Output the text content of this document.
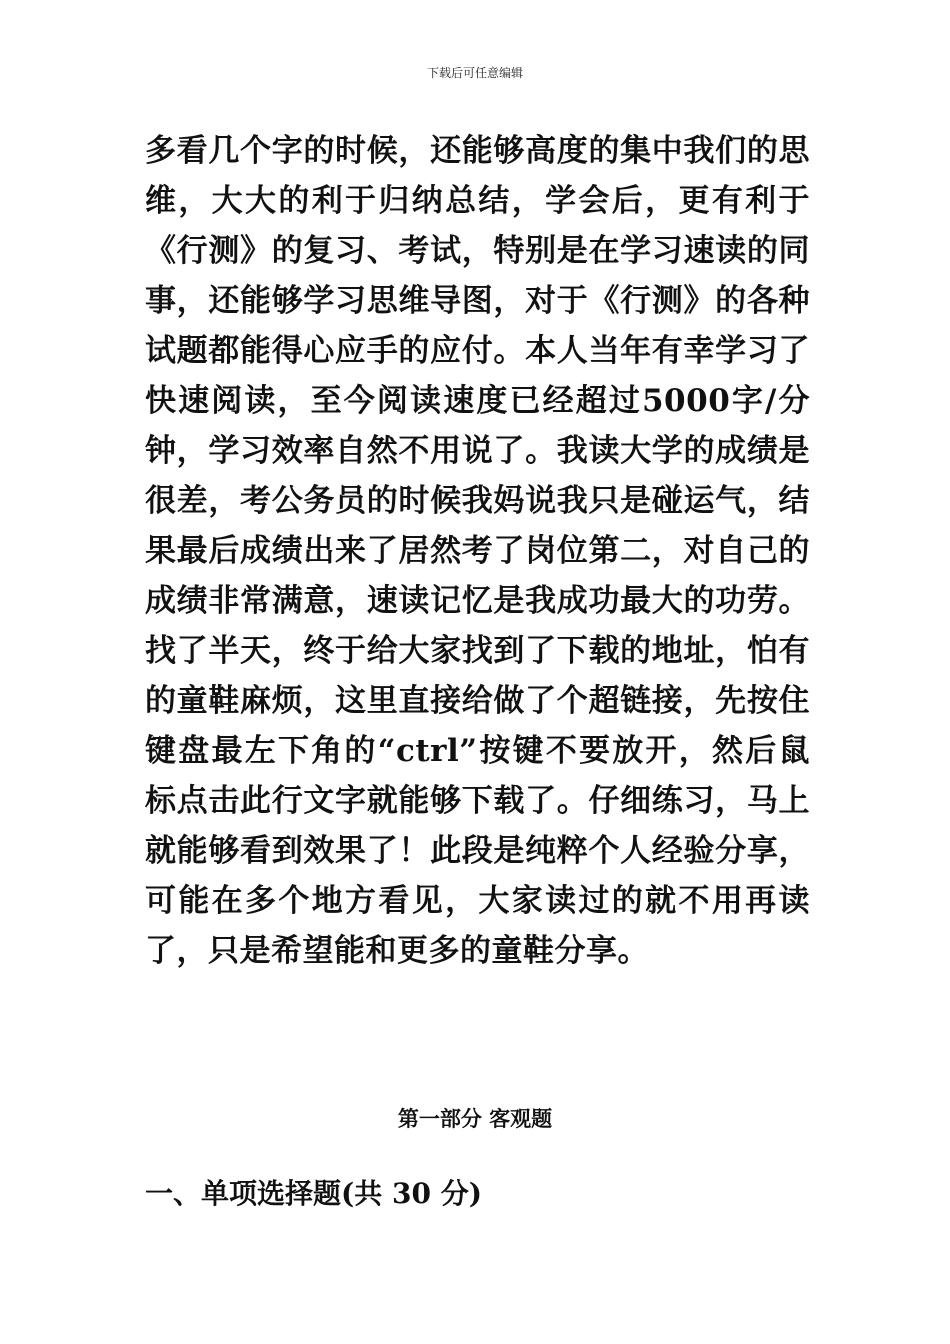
下载后可任意编辑

多看几个字的时候，还能够高度的集中我们的思维，大大的利于归纳总结，学会后，更有利于《行测》的复习、考试，特别是在学习速读的同事，还能够学习思维导图，对于《行测》的各种试题都能得心应手的应付。本人当年有幸学习了快速阅读，至今阅读速度已经超过5000字/分钟，学习效率自然不用说了。我读大学的成绩是很差，考公务员的时候我妈说我只是碰运气，结果最后成绩出来了居然考了岗位第二，对自己的成绩非常满意，速读记忆是我成功最大的功劳。找了半天，终于给大家找到了下载的地址，怕有的童鞋麻烦，这里直接给做了个超链接，先按住键盘最左下角的“ctrl”按键不要放开，然后鼠标点击此行文字就能够下载了。仔细练习，马上就能够看到效果了！此段是纯粹个人经验分享，可能在多个地方看见，大家读过的就不用再读了，只是希望能和更多的童鞋分享。

第一部分 客观题
一、单项选择题(共 30 分)
